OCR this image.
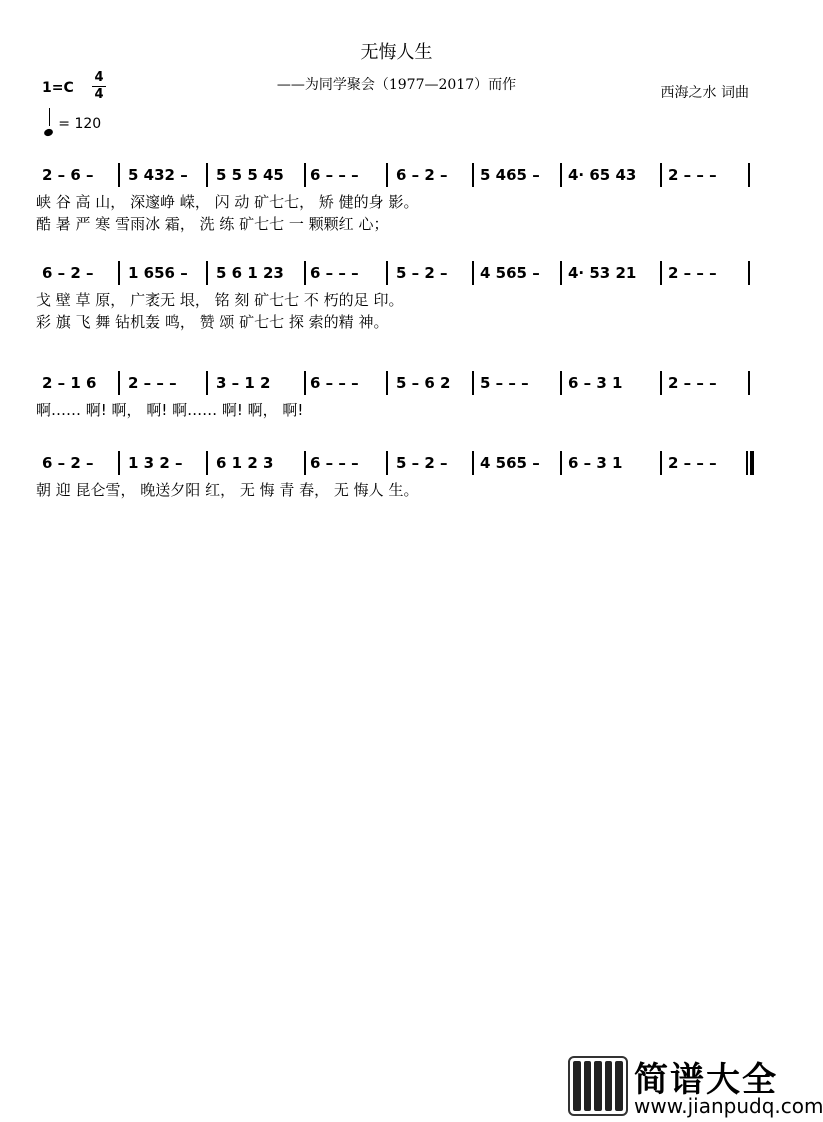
无悔人生
——为同学聚会（1977—2017）而作	西海之水 词曲
1=C
4
4
= 120
2 – 6 – 5 432 – 5 5 5 45 6 – – – 6 – 2 – 5 465 – 4· 65 43 2 – – –
峡 谷 高 山， 深邃峥 嵘， 闪 动 矿七七， 矫 健的身 影。
酷 暑 严 寒 雪雨冰 霜， 洗 练 矿七七 一 颗颗红 心；
6 – 2 – 1 656 – 5 6 1 23 6 – – – 5 – 2 – 4 565 – 4· 53 21 2 – – –
戈 壁 草 原， 广袤无 垠， 铭 刻 矿七七 不 朽的足 印。
彩 旗 飞 舞 钻机轰 鸣， 赞 颂 矿七七 探 索的精 神。
2 – 1 6 2 – – –	3 – 1 2	6 – – – 5 – 6 2 5 – – –	6 – 3 1	2 – – –
啊…… 啊! 啊， 啊! 啊…… 啊! 啊， 啊!
6 – 2 – 1 3 2 – 6 1 2 3 6 – – – 5 – 2 – 4 565 – 6 – 3 1	2 – – –
朝 迎 昆仑雪， 晚送夕阳 红， 无 悔 青 春， 无 悔人 生。
简谱大全
www.jianpudq.com
